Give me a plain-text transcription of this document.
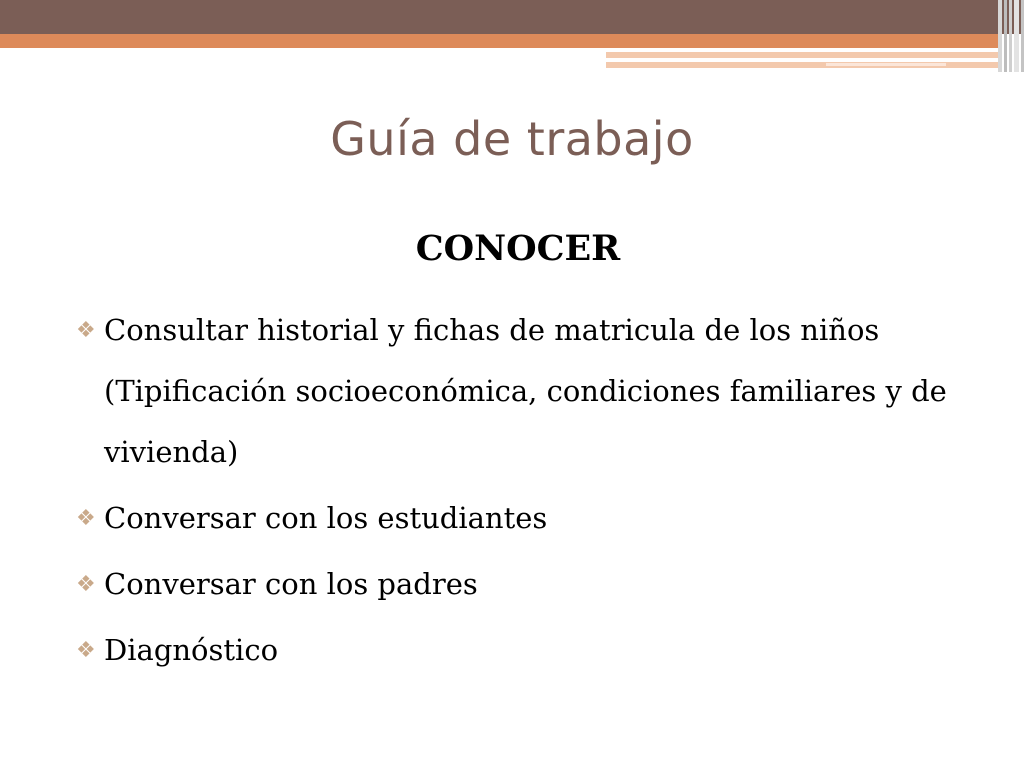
Guía de trabajo
CONOCER
❖ Consultar historial y fichas de matricula de los niños (Tipificación socioeconómica, condiciones familiares y de vivienda)
❖ Conversar con los estudiantes
❖ Conversar con los padres
❖ Diagnóstico
